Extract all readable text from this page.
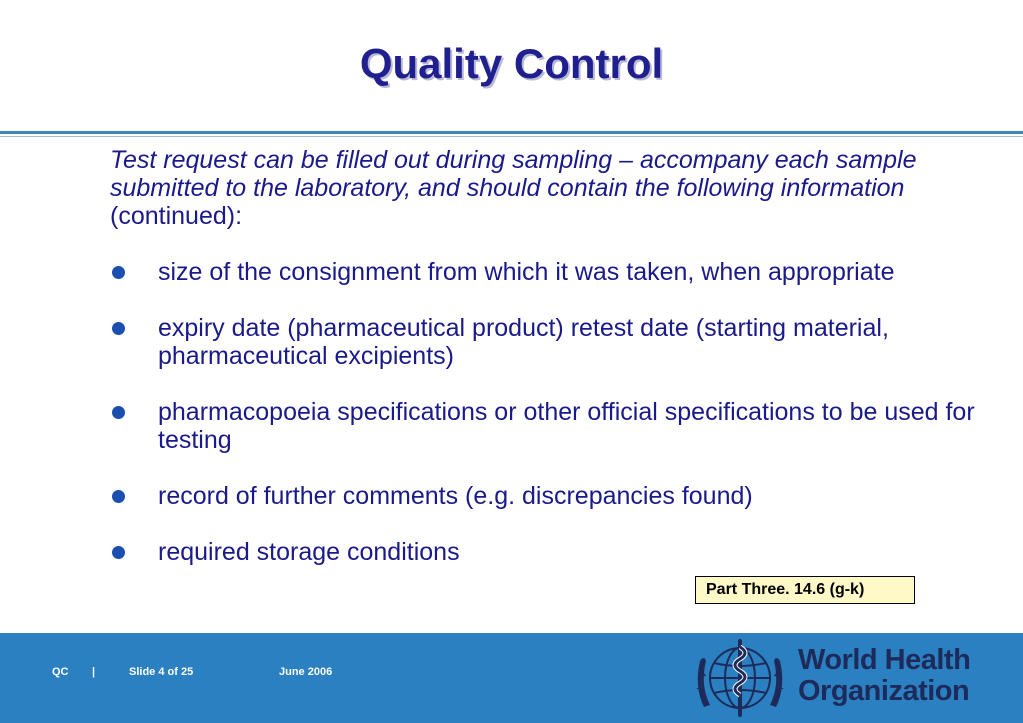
Quality Control

Test request can be filled out during sampling – accompany each sample submitted to the laboratory, and should contain the following information (continued):

size of the consignment from which it was taken, when appropriate
expiry date (pharmaceutical product) retest date (starting material, pharmaceutical excipients)
pharmacopoeia specifications or other official specifications to be used for testing
record of further comments (e.g. discrepancies found)
required storage conditions
Part Three. 14.6 (g-k)
QC |	Slide 4 of 25	June 2006	World Health
Organization
